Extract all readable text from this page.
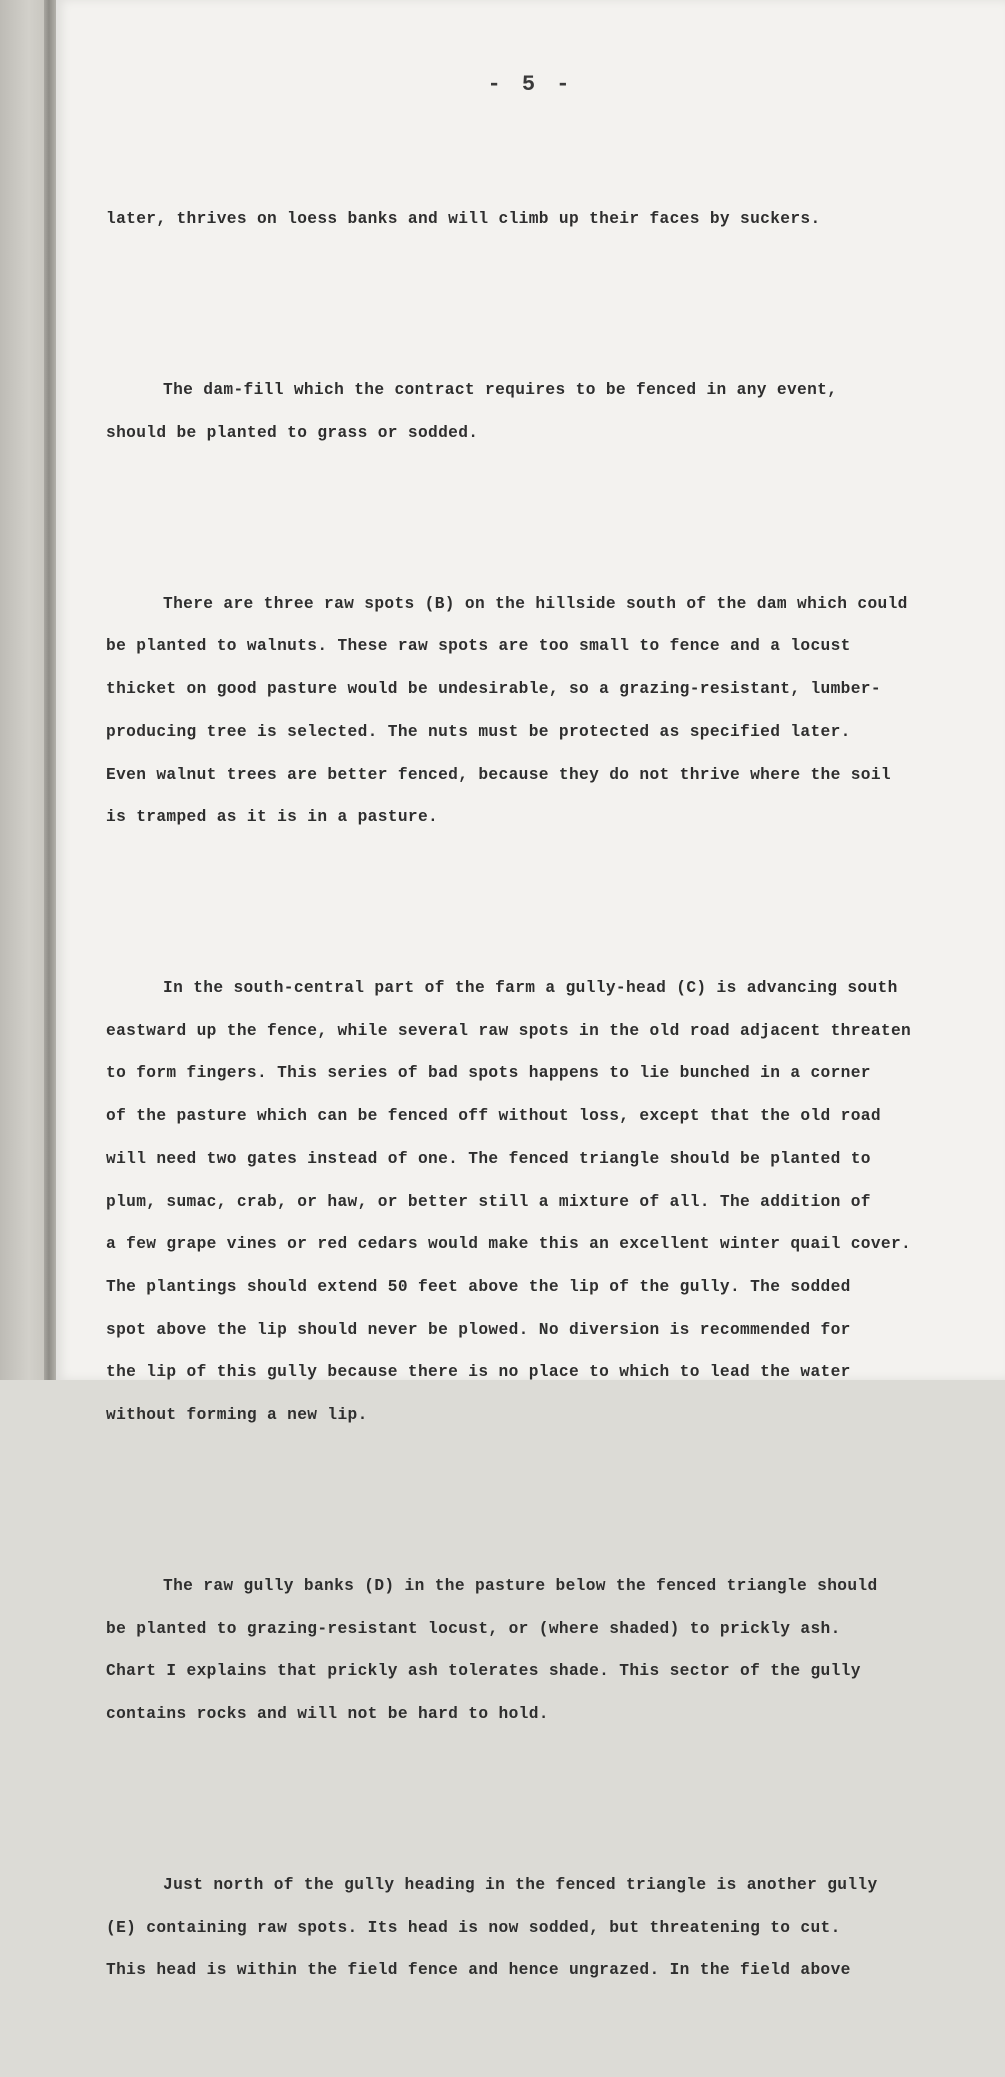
- 5 -

later, thrives on loess banks and will climb up their faces by suckers.

The dam-fill which the contract requires to be fenced in any event,
should be planted to grass or sodded.

There are three raw spots (B) on the hillside south of the dam which could
be planted to walnuts. These raw spots are too small to fence and a locust
thicket on good pasture would be undesirable, so a grazing-resistant, lumber-
producing tree is selected. The nuts must be protected as specified later.
Even walnut trees are better fenced, because they do not thrive where the soil
is tramped as it is in a pasture.

In the south-central part of the farm a gully-head (C) is advancing south
eastward up the fence, while several raw spots in the old road adjacent threaten
to form fingers. This series of bad spots happens to lie bunched in a corner
of the pasture which can be fenced off without loss, except that the old road
will need two gates instead of one. The fenced triangle should be planted to
plum, sumac, crab, or haw, or better still a mixture of all. The addition of
a few grape vines or red cedars would make this an excellent winter quail cover.
The plantings should extend 50 feet above the lip of the gully. The sodded
spot above the lip should never be plowed. No diversion is recommended for
the lip of this gully because there is no place to which to lead the water
without forming a new lip.

The raw gully banks (D) in the pasture below the fenced triangle should
be planted to grazing-resistant locust, or (where shaded) to prickly ash.
Chart I explains that prickly ash tolerates shade. This sector of the gully
contains rocks and will not be hard to hold.

Just north of the gully heading in the fenced triangle is another gully
(E) containing raw spots. Its head is now sodded, but threatening to cut.
This head is within the field fence and hence ungrazed. In the field above
